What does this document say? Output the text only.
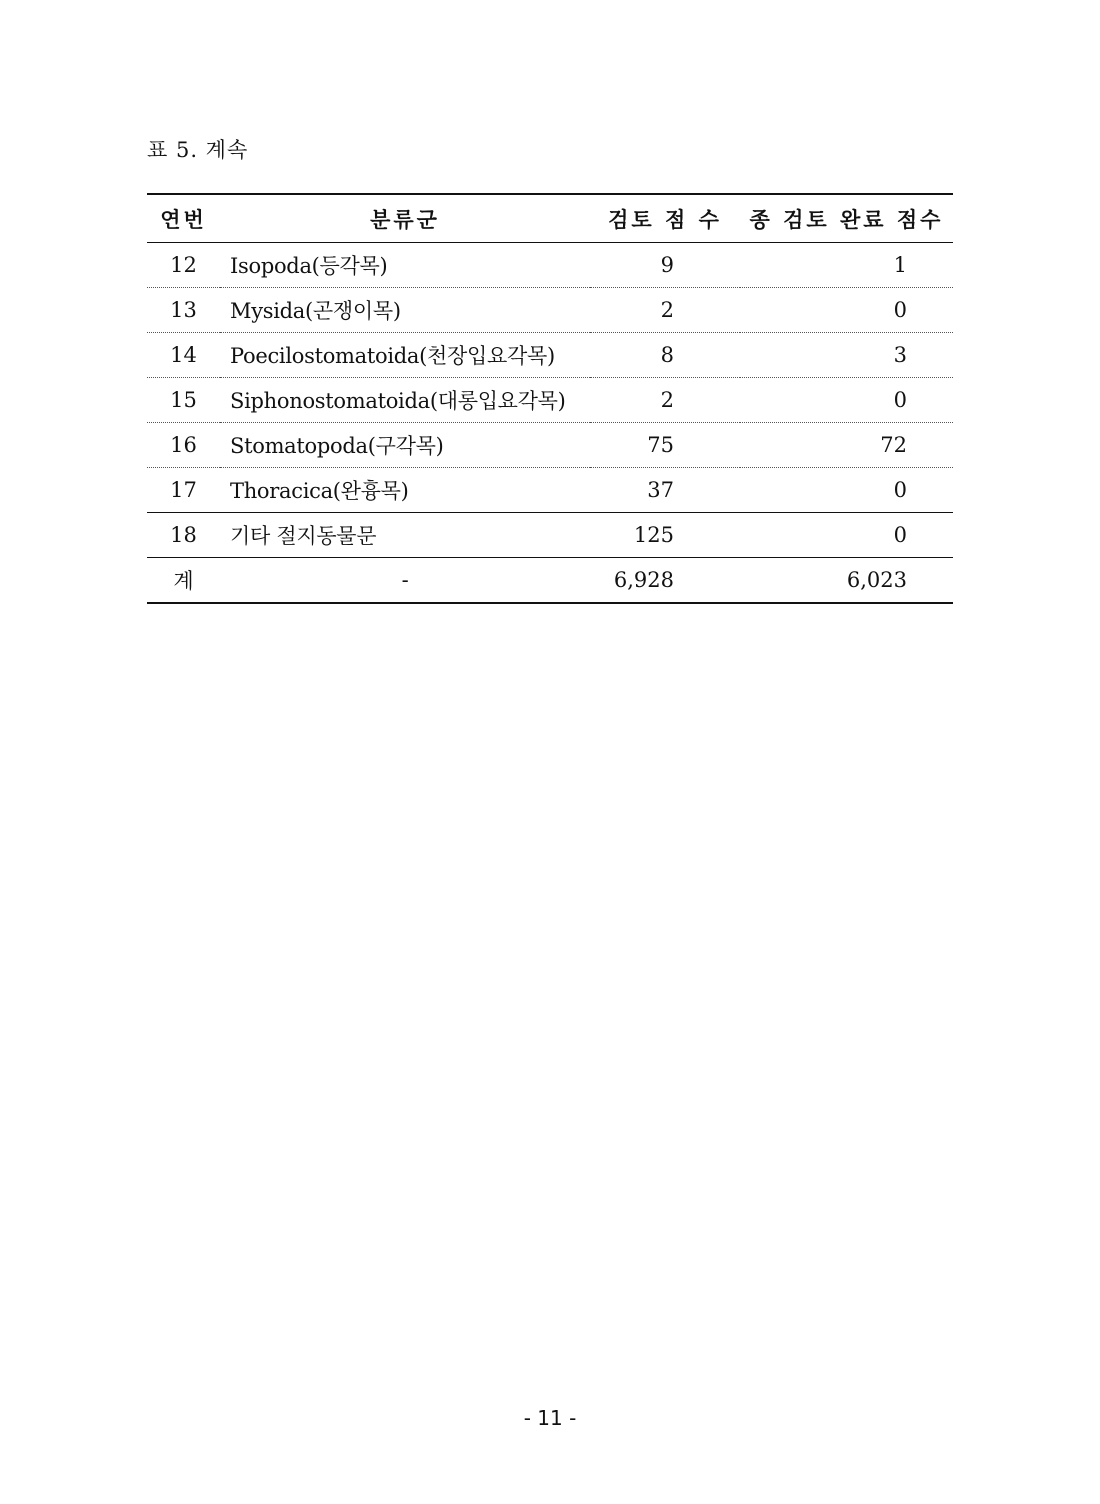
표 5. 계속
연번	분류군	검토 점 수	종 검토 완료 점수
12	Isopoda(등각목)	9	1
13	Mysida(곤쟁이목)	2	0
14	Poecilostomatoida(천장입요각목)	8	3
15	Siphonostomatoida(대롱입요각목)	2	0
16	Stomatopoda(구각목)	75	72
17	Thoracica(완흉목)	37	0
18	기타 절지동물문	125	0
계	-	6,928	6,023
- 11 -
